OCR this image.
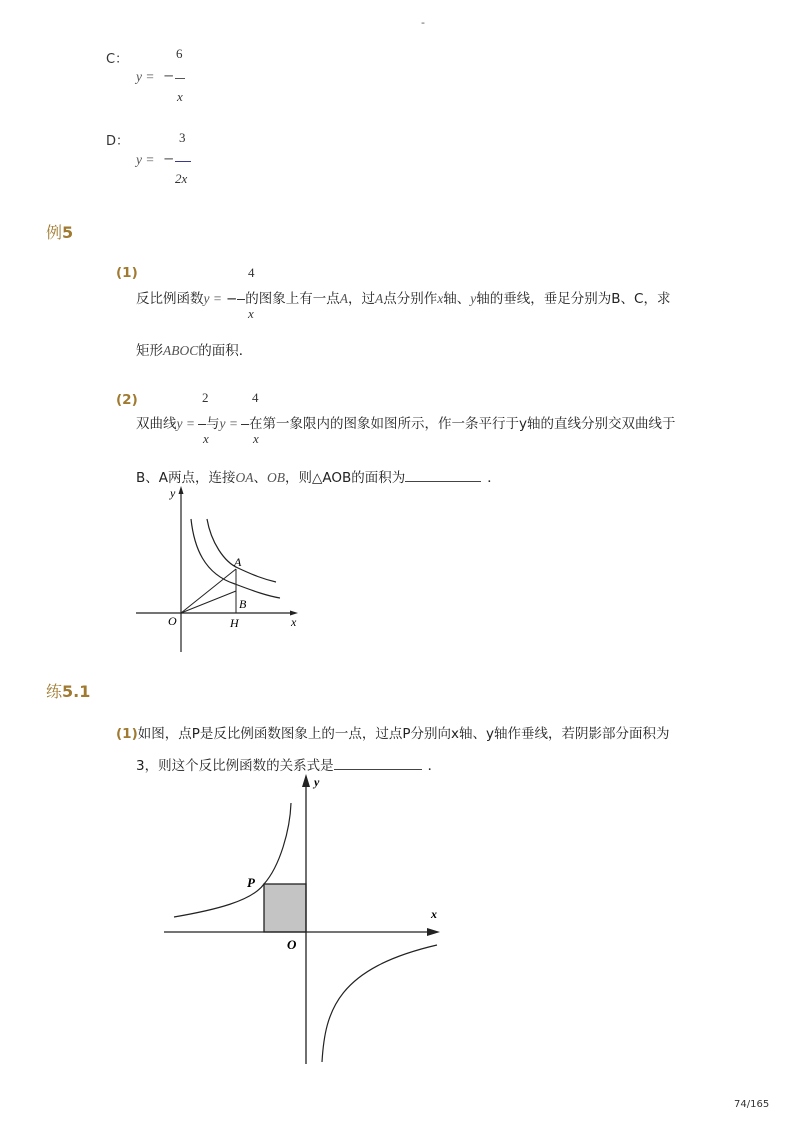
-
C：	6
y = −
x
D：	3
y = −
2x
例5
(1)	4
反比例函数y = − 的图象上有一点A，过A点分别作x轴、y轴的垂线，垂足分别为B、C，求
x
矩形ABOC的面积．
(2)	2	4
双曲线y = 与y = 在第一象限内的图象如图所示，作一条平行于y轴的直线分别交双曲线于
x	x
B、A两点，连接OA、OB，则△AOB的面积为	．
y
x
O
A
B
H
练5.1
(1)如图，点P是反比例函数图象上的一点，过点P分别向x轴、y轴作垂线，若阴影部分面积为
3，则这个反比例函数的关系式是	．
y
x
O
P
74/165
